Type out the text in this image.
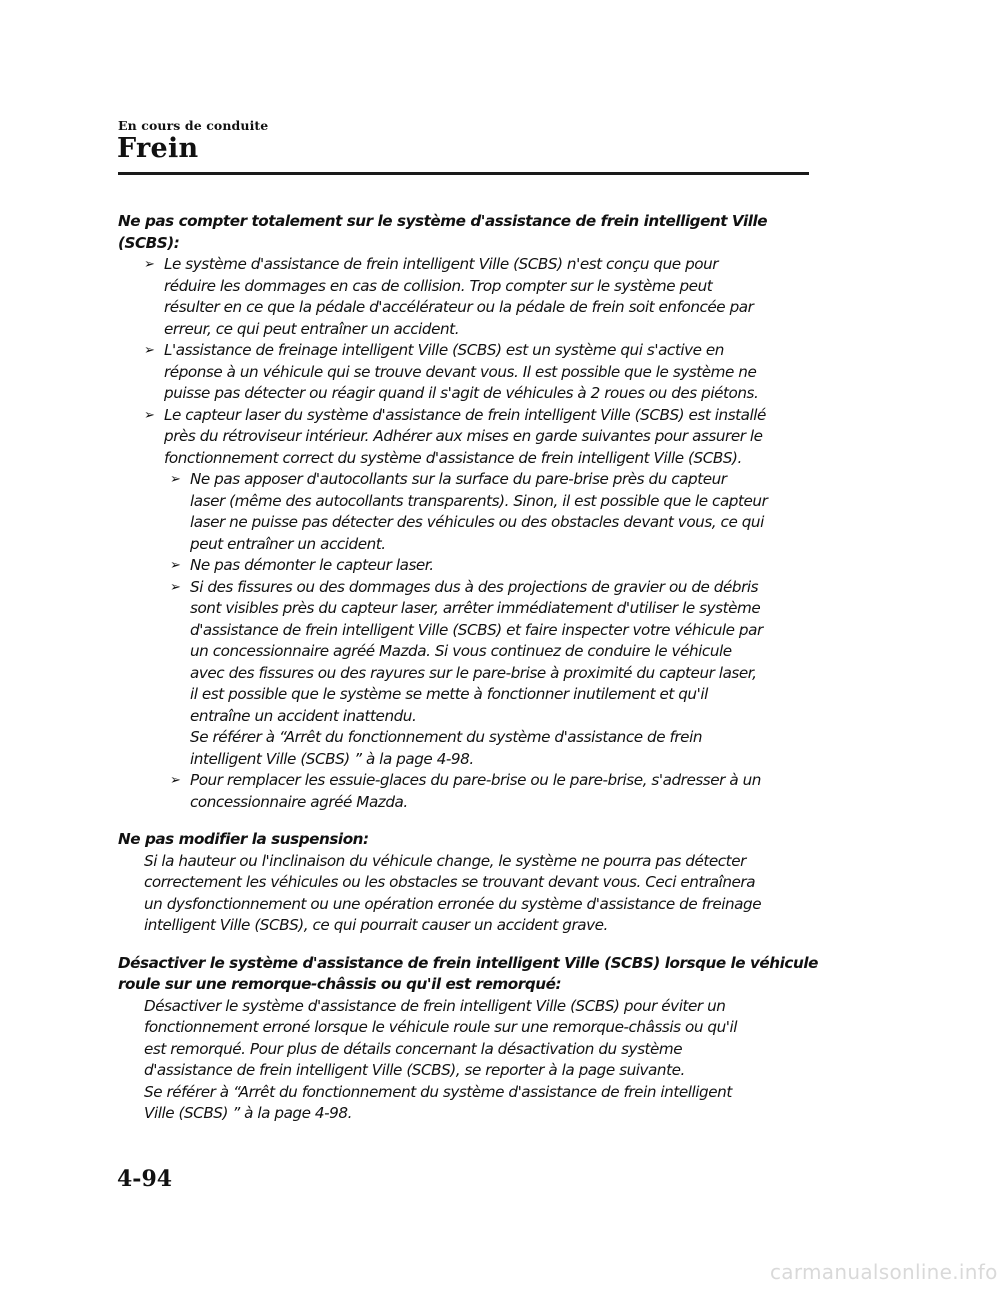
En cours de conduite
Frein
Ne pas compter totalement sur le système d'assistance de frein intelligent Ville
(SCBS):
➢ Le système d'assistance de frein intelligent Ville (SCBS) n'est conçu que pour
réduire les dommages en cas de collision. Trop compter sur le système peut
résulter en ce que la pédale d'accélérateur ou la pédale de frein soit enfoncée par
erreur, ce qui peut entraîner un accident.
➢ L'assistance de freinage intelligent Ville (SCBS) est un système qui s'active en
réponse à un véhicule qui se trouve devant vous. Il est possible que le système ne
puisse pas détecter ou réagir quand il s'agit de véhicules à 2 roues ou des piétons.
➢ Le capteur laser du système d'assistance de frein intelligent Ville (SCBS) est installé
près du rétroviseur intérieur. Adhérer aux mises en garde suivantes pour assurer le
fonctionnement correct du système d'assistance de frein intelligent Ville (SCBS).
➢ Ne pas apposer d'autocollants sur la surface du pare-brise près du capteur
laser (même des autocollants transparents). Sinon, il est possible que le capteur
laser ne puisse pas détecter des véhicules ou des obstacles devant vous, ce qui
peut entraîner un accident.
➢ Ne pas démonter le capteur laser.
➢ Si des fissures ou des dommages dus à des projections de gravier ou de débris
sont visibles près du capteur laser, arrêter immédiatement d'utiliser le système
d'assistance de frein intelligent Ville (SCBS) et faire inspecter votre véhicule par
un concessionnaire agréé Mazda. Si vous continuez de conduire le véhicule
avec des fissures ou des rayures sur le pare-brise à proximité du capteur laser,
il est possible que le système se mette à fonctionner inutilement et qu'il
entraîne un accident inattendu.
Se référer à “Arrêt du fonctionnement du système d'assistance de frein
intelligent Ville (SCBS) ” à la page 4-98.
➢ Pour remplacer les essuie-glaces du pare-brise ou le pare-brise, s'adresser à un
concessionnaire agréé Mazda.
Ne pas modifier la suspension:
Si la hauteur ou l'inclinaison du véhicule change, le système ne pourra pas détecter
correctement les véhicules ou les obstacles se trouvant devant vous. Ceci entraînera
un dysfonctionnement ou une opération erronée du système d'assistance de freinage
intelligent Ville (SCBS), ce qui pourrait causer un accident grave.
Désactiver le système d'assistance de frein intelligent Ville (SCBS) lorsque le véhicule
roule sur une remorque-châssis ou qu'il est remorqué:
Désactiver le système d'assistance de frein intelligent Ville (SCBS) pour éviter un
fonctionnement erroné lorsque le véhicule roule sur une remorque-châssis ou qu'il
est remorqué. Pour plus de détails concernant la désactivation du système
d'assistance de frein intelligent Ville (SCBS), se reporter à la page suivante.
Se référer à “Arrêt du fonctionnement du système d'assistance de frein intelligent
Ville (SCBS) ” à la page 4-98.
4-94
carmanualsonline.info
